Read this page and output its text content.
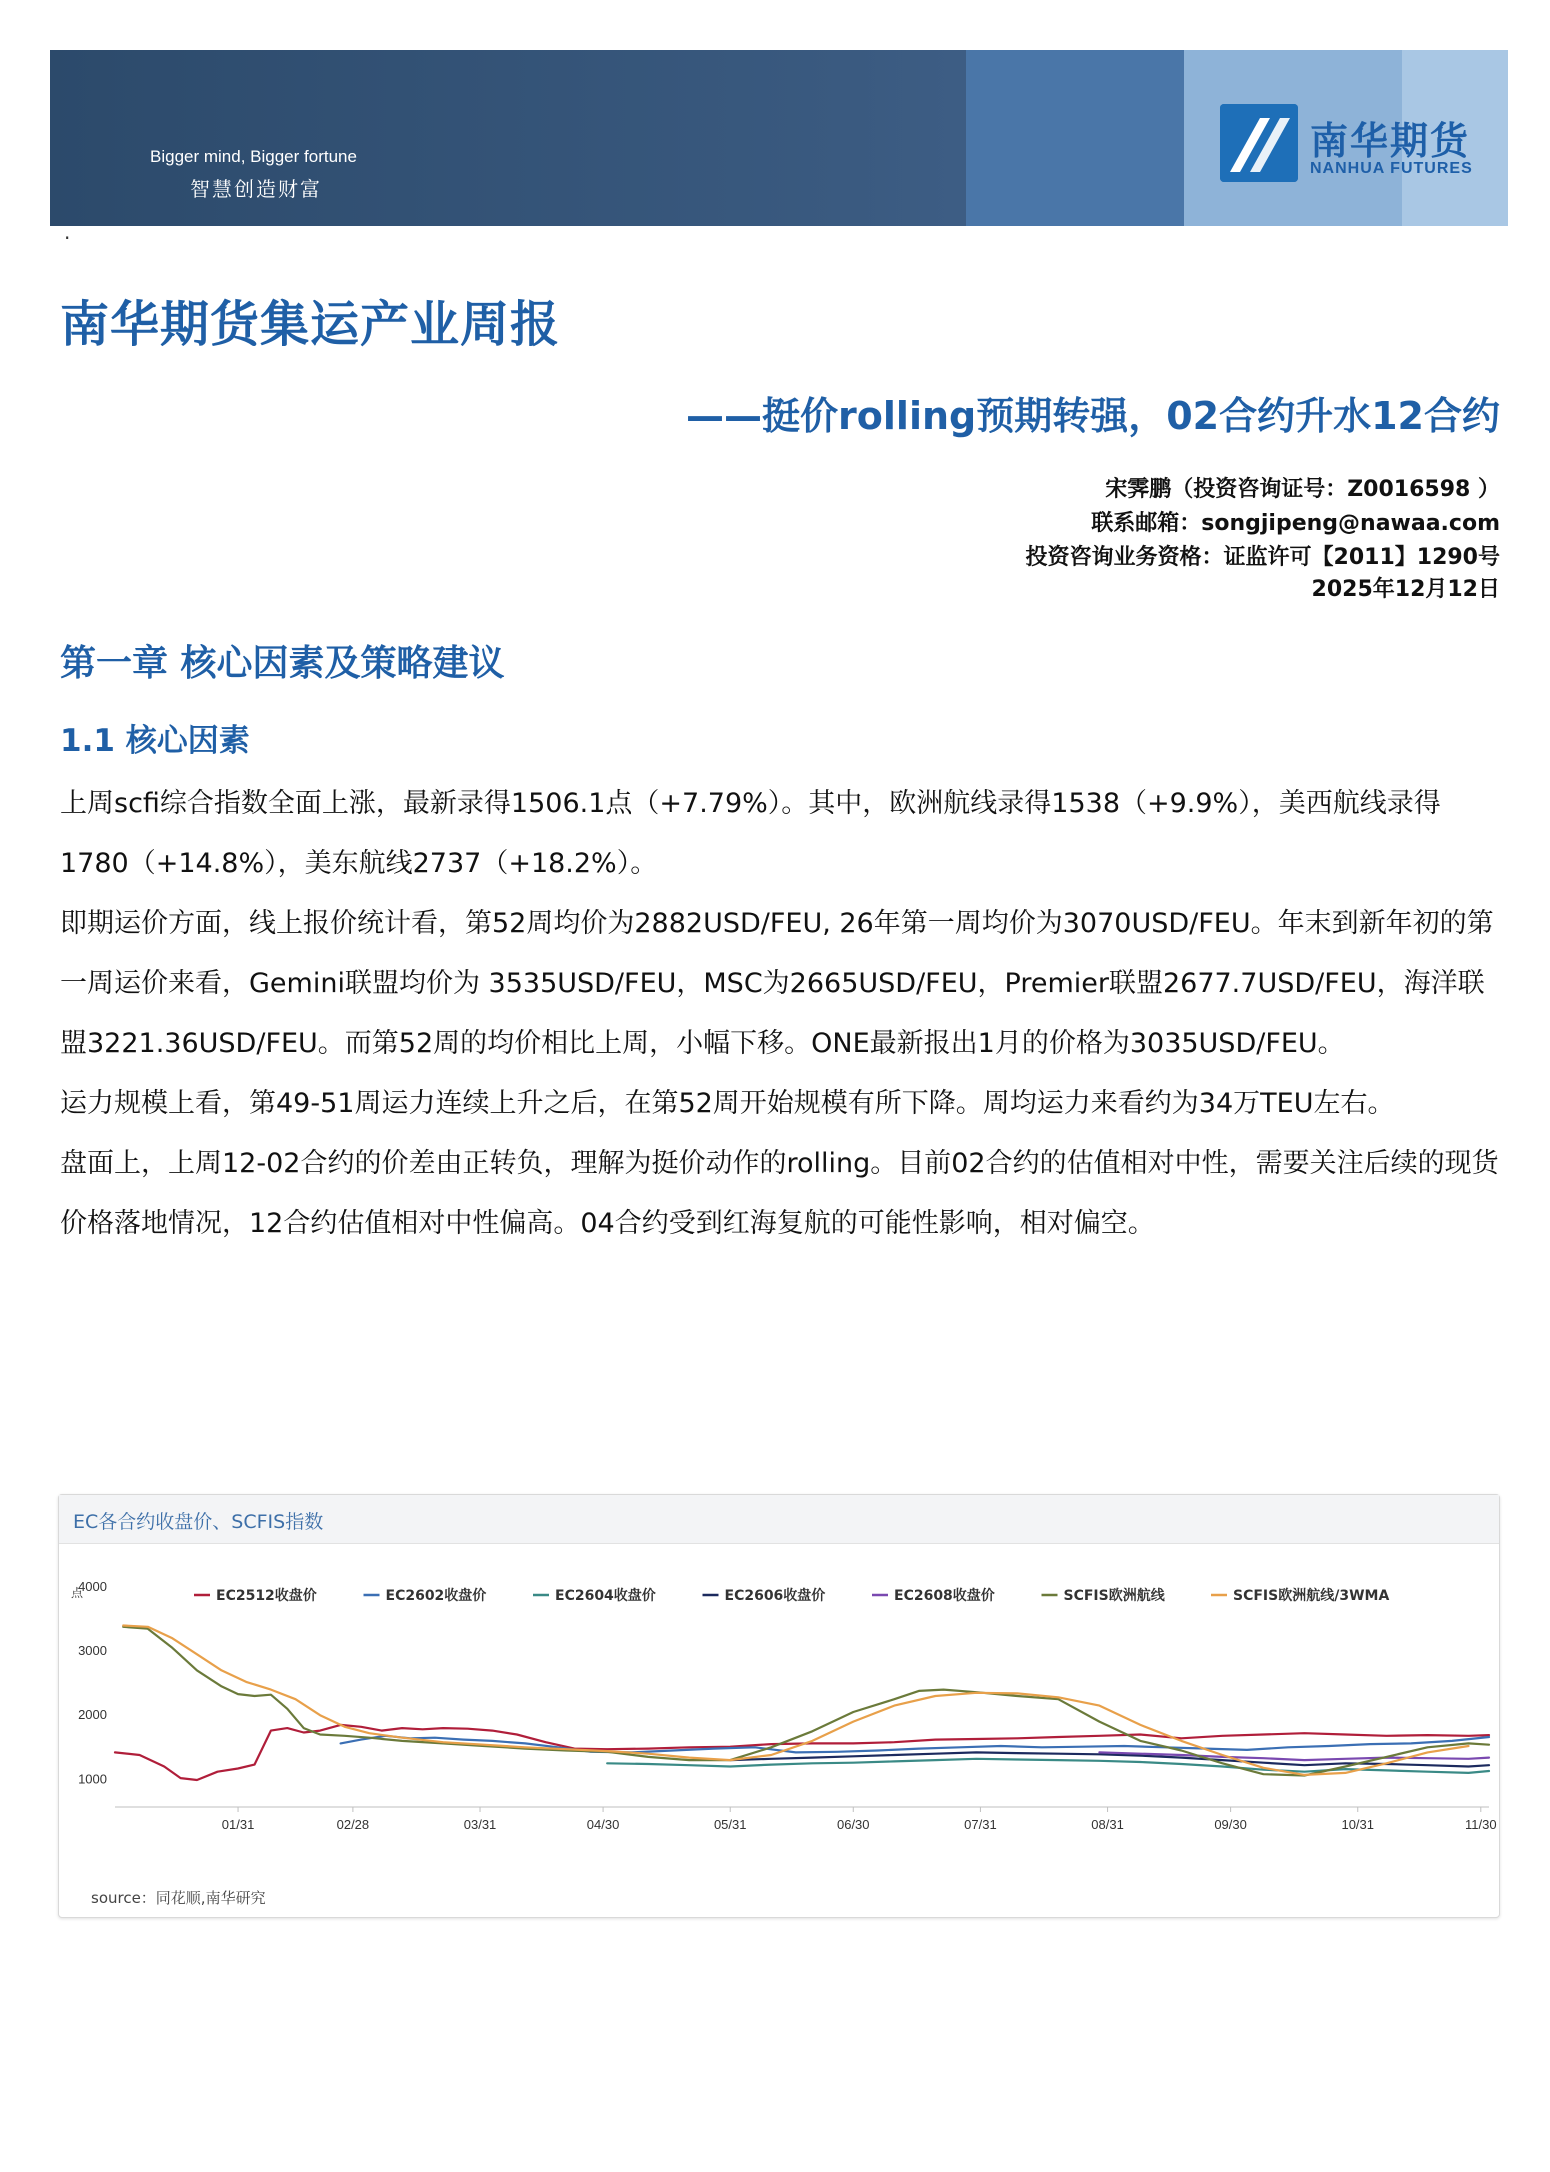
Bigger mind, Bigger fortune
智慧创造财富
南华期货
NANHUA FUTURES
·
南华期货集运产业周报
——挺价rolling预期转强，02合约升水12合约
宋霁鹏（投资咨询证号：Z0016598 ）
联系邮箱：songjipeng@nawaa.com
投资咨询业务资格：证监许可【2011】1290号
2025年12月12日
第一章 核心因素及策略建议
1.1 核心因素

上周scfi综合指数全面上涨，最新录得1506.1点（+7.79%）。其中，欧洲航线录得1538（+9.9%），美西航线录得1780（+14.8%），美东航线2737（+18.2%）。

即期运价方面，线上报价统计看，第52周均价为2882USD/FEU, 26年第一周均价为3070USD/FEU。年末到新年初的第一周运价来看，Gemini联盟均价为 3535USD/FEU，MSC为2665USD/FEU，Premier联盟2677.7USD/FEU，海洋联盟3221.36USD/FEU。而第52周的均价相比上周，小幅下移。ONE最新报出1月的价格为3035USD/FEU。

运力规模上看，第49-51周运力连续上升之后，在第52周开始规模有所下降。周均运力来看约为34万TEU左右。

盘面上，上周12-02合约的价差由正转负，理解为挺价动作的rolling。目前02合约的估值相对中性，需要关注后续的现货价格落地情况，12合约估值相对中性偏高。04合约受到红海复航的可能性影响，相对偏空。

EC各合约收盘价、SCFIS指数
点
1000
2000
3000
4000
01/31	02/28	03/31	04/30	05/31	06/30	07/31	08/31	09/30	10/31	11/30
EC2512收盘价	EC2602收盘价	EC2604收盘价	EC2606收盘价	EC2608收盘价	SCFIS欧洲航线	SCFIS欧洲航线/3WMA
source：同花顺,南华研究
